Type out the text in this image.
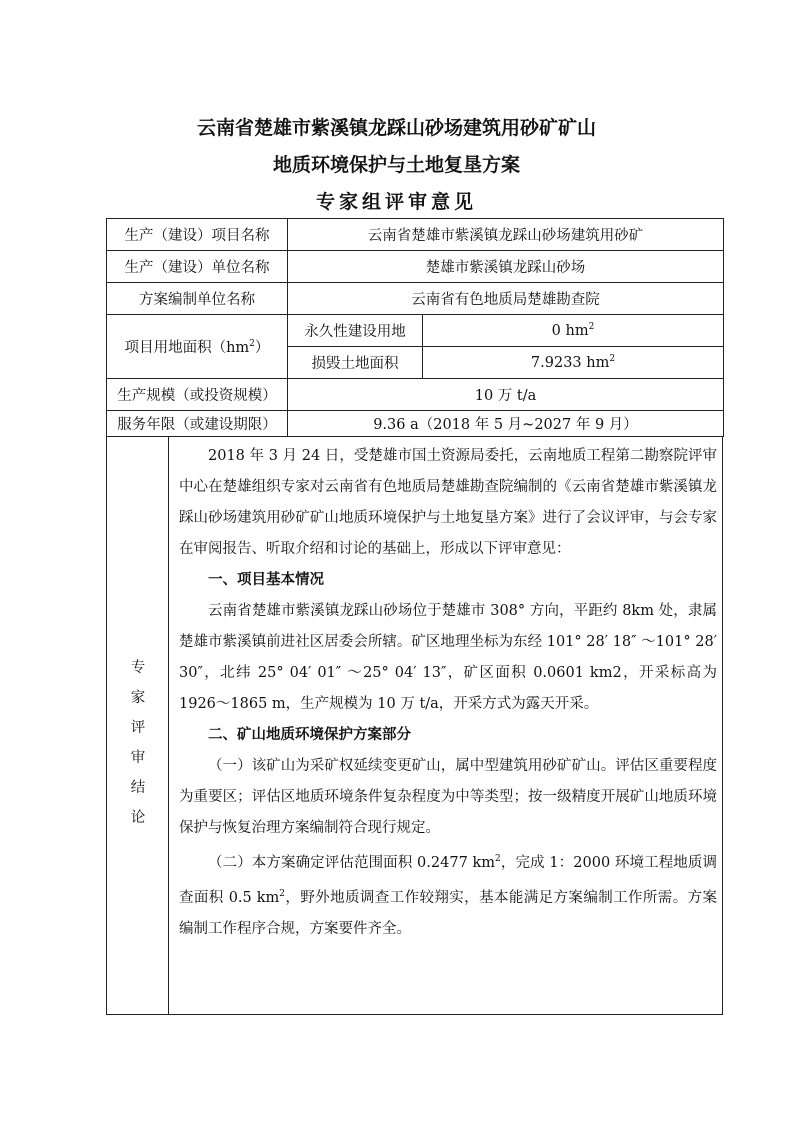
云南省楚雄市紫溪镇龙踩山砂场建筑用砂矿矿山
地质环境保护与土地复垦方案
专家组评审意见
生产（建设）项目名称	云南省楚雄市紫溪镇龙踩山砂场建筑用砂矿	
生产（建设）单位名称	楚雄市紫溪镇龙踩山砂场	
方案编制单位名称	云南省有色地质局楚雄勘查院	
项目用地面积$(hm^2)$	永久性建设用地	0 $hm^2$
	损毁土地面积	7.9233 $hm^2$
生产规模（或投资规模）	10 万 t/a	
服务年限（或建设期限）	9.36 a（2018 年 5 月~2027 年 9 月）	
专
家
评
审
结
论

2018 年 3 月 24 日，受楚雄市国土资源局委托，云南地质工程第二勘察院评审中心在楚雄组织专家对云南省有色地质局楚雄勘查院编制的《云南省楚雄市紫溪镇龙踩山砂场建筑用砂矿矿山地质环境保护与土地复垦方案》进行了会议评审，与会专家在审阅报告、听取介绍和讨论的基础上，形成以下评审意见：

一、项目基本情况

云南省楚雄市紫溪镇龙踩山砂场位于楚雄市 308° 方向，平距约 8km 处，隶属楚雄市紫溪镇前进社区居委会所辖。矿区地理坐标为东经 101° 28′ 18″ ～101° 28′ 30″，北纬 25° 04′ 01″ ～25° 04′ 13″，矿区面积 0.0601 km2，开采标高为 1926～1865 m，生产规模为 10 万 t/a，开采方式为露天开采。

二、矿山地质环境保护方案部分

（一）该矿山为采矿权延续变更矿山，属中型建筑用砂矿矿山。评估区重要程度为重要区；评估区地质环境条件复杂程度为中等类型；按一级精度开展矿山地质环境保护与恢复治理方案编制符合现行规定。

（二）本方案确定评估范围面积 0.2477 $km^2$，完成 1：2000 环境工程地质调查面积 0.5 $km^2$，野外地质调查工作较翔实，基本能满足方案编制工作所需。方案编制工作程序合规，方案要件齐全。
